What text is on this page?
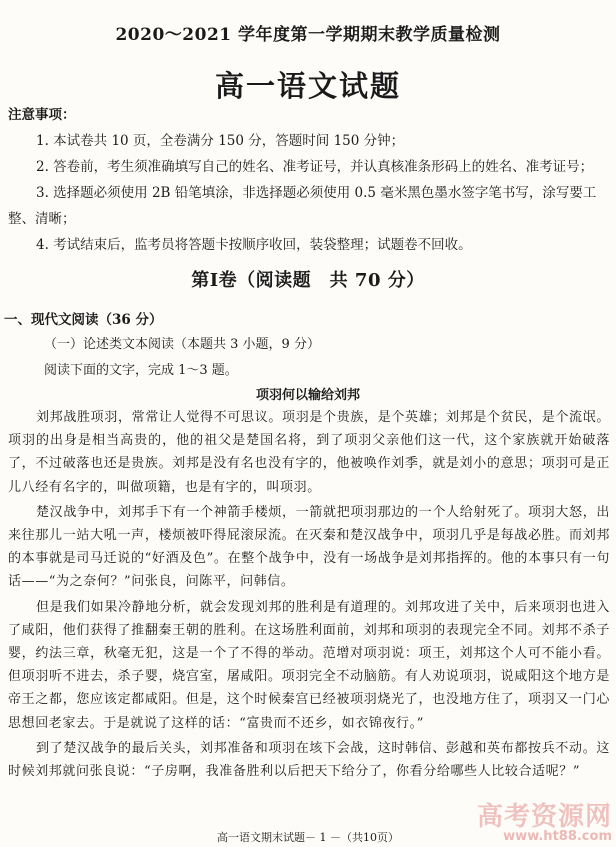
2020～2021 学年度第一学期期末教学质量检测
高一语文试题
注意事项：
1. 本试卷共 10 页，全卷满分 150 分，答题时间 150 分钟；
2. 答卷前，考生须准确填写自己的姓名、准考证号，并认真核准条形码上的姓名、准考证号；
3. 选择题必须使用 2B 铅笔填涂，非选择题必须使用 0.5 毫米黑色墨水签字笔书写，涂写要工整、清晰；
4. 考试结束后，监考员将答题卡按顺序收回，装袋整理；试题卷不回收。
第Ⅰ卷（阅读题　共 70 分）
一、现代文阅读（36 分）
（一）论述类文本阅读（本题共 3 小题，9 分）
阅读下面的文字，完成 1～3 题。
项羽何以输给刘邦

刘邦战胜项羽，常常让人觉得不可思议。项羽是个贵族，是个英雄；刘邦是个贫民，是个流氓。项羽的出身是相当高贵的，他的祖父是楚国名将，到了项羽父亲他们这一代，这个家族就开始破落了，不过破落也还是贵族。刘邦是没有名也没有字的，他被唤作刘季，就是刘小的意思；项羽可是正儿八经有名字的，叫做项籍，也是有字的，叫项羽。

楚汉战争中，刘邦手下有一个神箭手楼烦，一箭就把项羽那边的一个人给射死了。项羽大怒，出来往那儿一站大吼一声，楼烦被吓得屁滚尿流。在灭秦和楚汉战争中，项羽几乎是每战必胜。而刘邦的本事就是司马迁说的“好酒及色”。在整个战争中，没有一场战争是刘邦指挥的。他的本事只有一句话——“为之奈何？”问张良，问陈平，问韩信。

但是我们如果冷静地分析，就会发现刘邦的胜利是有道理的。刘邦攻进了关中，后来项羽也进入了咸阳，他们获得了推翻秦王朝的胜利。在这场胜利面前，刘邦和项羽的表现完全不同。刘邦不杀子婴，约法三章，秋毫无犯，这是一个了不得的举动。范增对项羽说：项王，刘邦这个人可不能小看。但项羽听不进去，杀子婴，烧宫室，屠咸阳。项羽完全不动脑筋。有人劝说项羽，说咸阳这个地方是帝王之都，您应该定都咸阳。但是，这个时候秦宫已经被项羽烧光了，也没地方住了，项羽又一门心思想回老家去。于是就说了这样的话：“富贵而不还乡，如衣锦夜行。”

到了楚汉战争的最后关头，刘邦准备和项羽在垓下会战，这时韩信、彭越和英布都按兵不动。这时候刘邦就问张良说：“子房啊，我准备胜利以后把天下给分了，你看分给哪些人比较合适呢？”

高一语文期末试题－ 1 －（共10页）
高考资源网
www.ht88.com
